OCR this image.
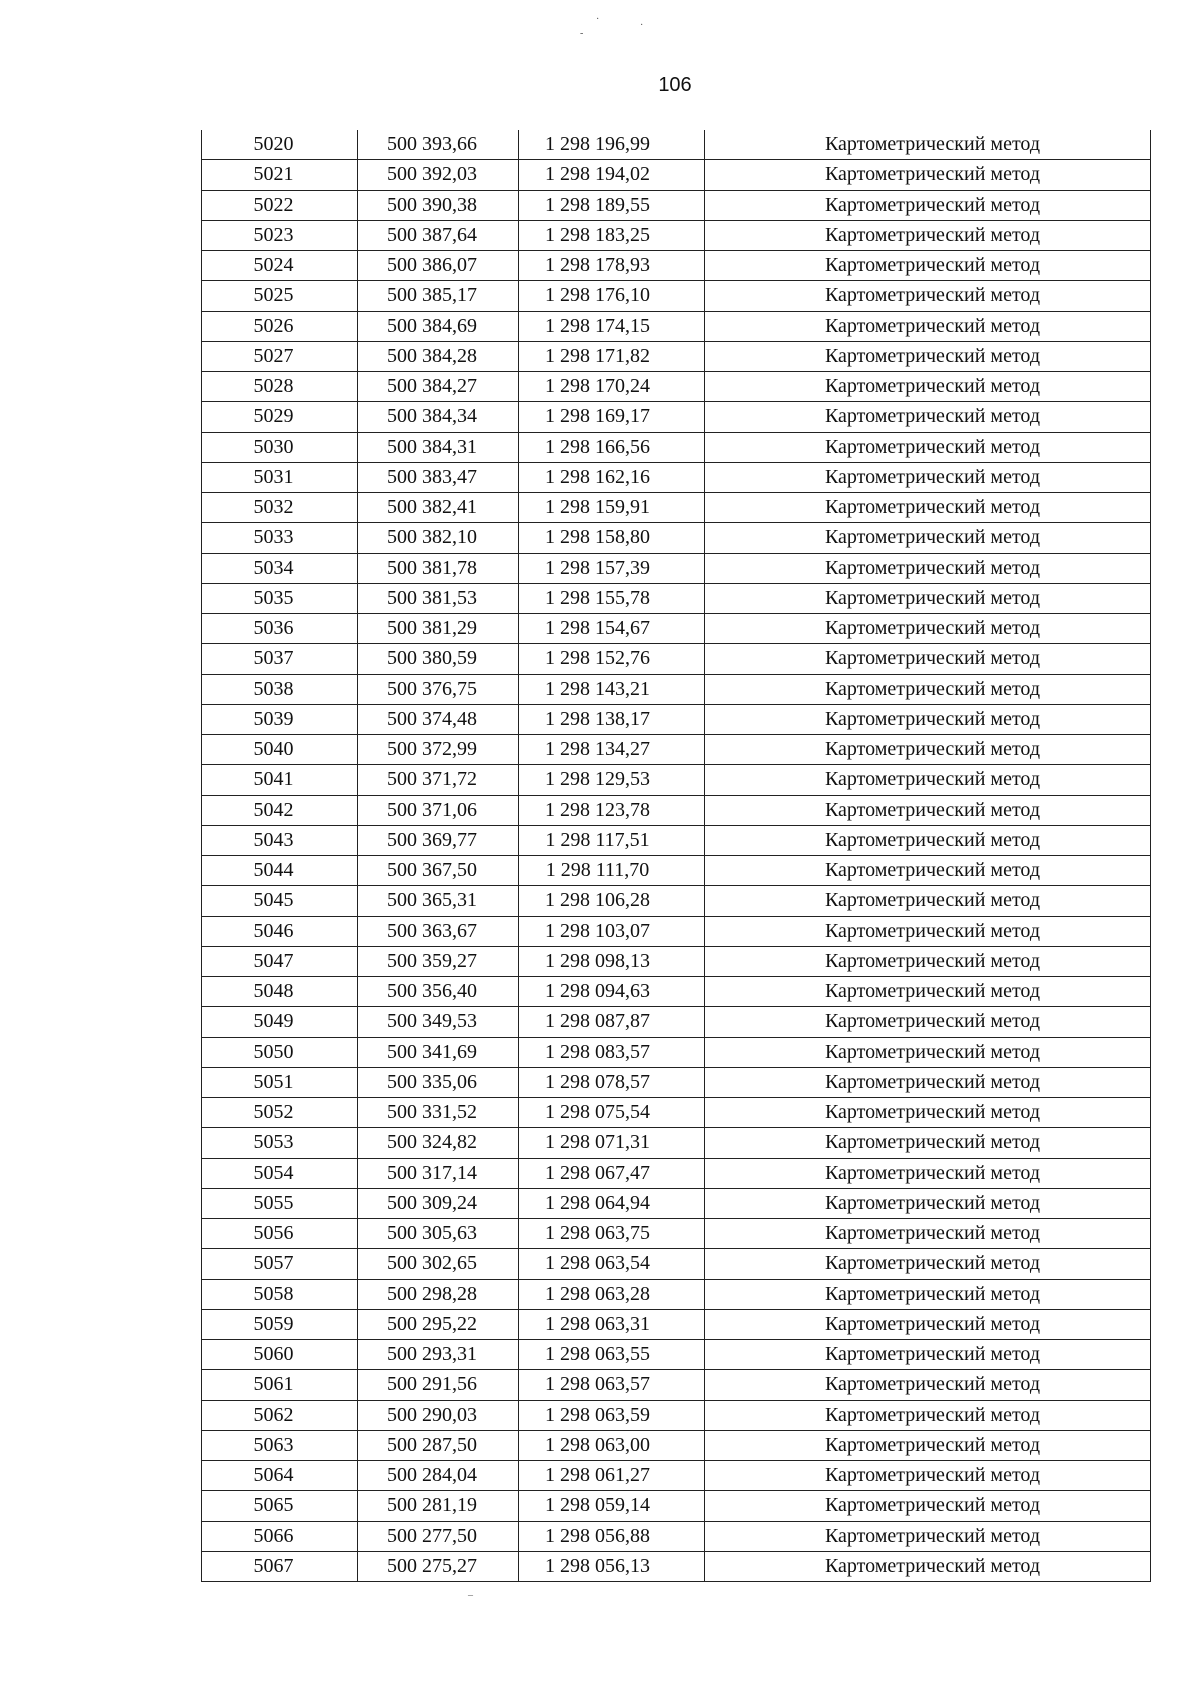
·
·
-
106
5020	500 393,66	1 298 196,99	Картометрический метод
5021	500 392,03	1 298 194,02	Картометрический метод
5022	500 390,38	1 298 189,55	Картометрический метод
5023	500 387,64	1 298 183,25	Картометрический метод
5024	500 386,07	1 298 178,93	Картометрический метод
5025	500 385,17	1 298 176,10	Картометрический метод
5026	500 384,69	1 298 174,15	Картометрический метод
5027	500 384,28	1 298 171,82	Картометрический метод
5028	500 384,27	1 298 170,24	Картометрический метод
5029	500 384,34	1 298 169,17	Картометрический метод
5030	500 384,31	1 298 166,56	Картометрический метод
5031	500 383,47	1 298 162,16	Картометрический метод
5032	500 382,41	1 298 159,91	Картометрический метод
5033	500 382,10	1 298 158,80	Картометрический метод
5034	500 381,78	1 298 157,39	Картометрический метод
5035	500 381,53	1 298 155,78	Картометрический метод
5036	500 381,29	1 298 154,67	Картометрический метод
5037	500 380,59	1 298 152,76	Картометрический метод
5038	500 376,75	1 298 143,21	Картометрический метод
5039	500 374,48	1 298 138,17	Картометрический метод
5040	500 372,99	1 298 134,27	Картометрический метод
5041	500 371,72	1 298 129,53	Картометрический метод
5042	500 371,06	1 298 123,78	Картометрический метод
5043	500 369,77	1 298 117,51	Картометрический метод
5044	500 367,50	1 298 111,70	Картометрический метод
5045	500 365,31	1 298 106,28	Картометрический метод
5046	500 363,67	1 298 103,07	Картометрический метод
5047	500 359,27	1 298 098,13	Картометрический метод
5048	500 356,40	1 298 094,63	Картометрический метод
5049	500 349,53	1 298 087,87	Картометрический метод
5050	500 341,69	1 298 083,57	Картометрический метод
5051	500 335,06	1 298 078,57	Картометрический метод
5052	500 331,52	1 298 075,54	Картометрический метод
5053	500 324,82	1 298 071,31	Картометрический метод
5054	500 317,14	1 298 067,47	Картометрический метод
5055	500 309,24	1 298 064,94	Картометрический метод
5056	500 305,63	1 298 063,75	Картометрический метод
5057	500 302,65	1 298 063,54	Картометрический метод
5058	500 298,28	1 298 063,28	Картометрический метод
5059	500 295,22	1 298 063,31	Картометрический метод
5060	500 293,31	1 298 063,55	Картометрический метод
5061	500 291,56	1 298 063,57	Картометрический метод
5062	500 290,03	1 298 063,59	Картометрический метод
5063	500 287,50	1 298 063,00	Картометрический метод
5064	500 284,04	1 298 061,27	Картометрический метод
5065	500 281,19	1 298 059,14	Картометрический метод
5066	500 277,50	1 298 056,88	Картометрический метод
5067	500 275,27	1 298 056,13	Картометрический метод
–
